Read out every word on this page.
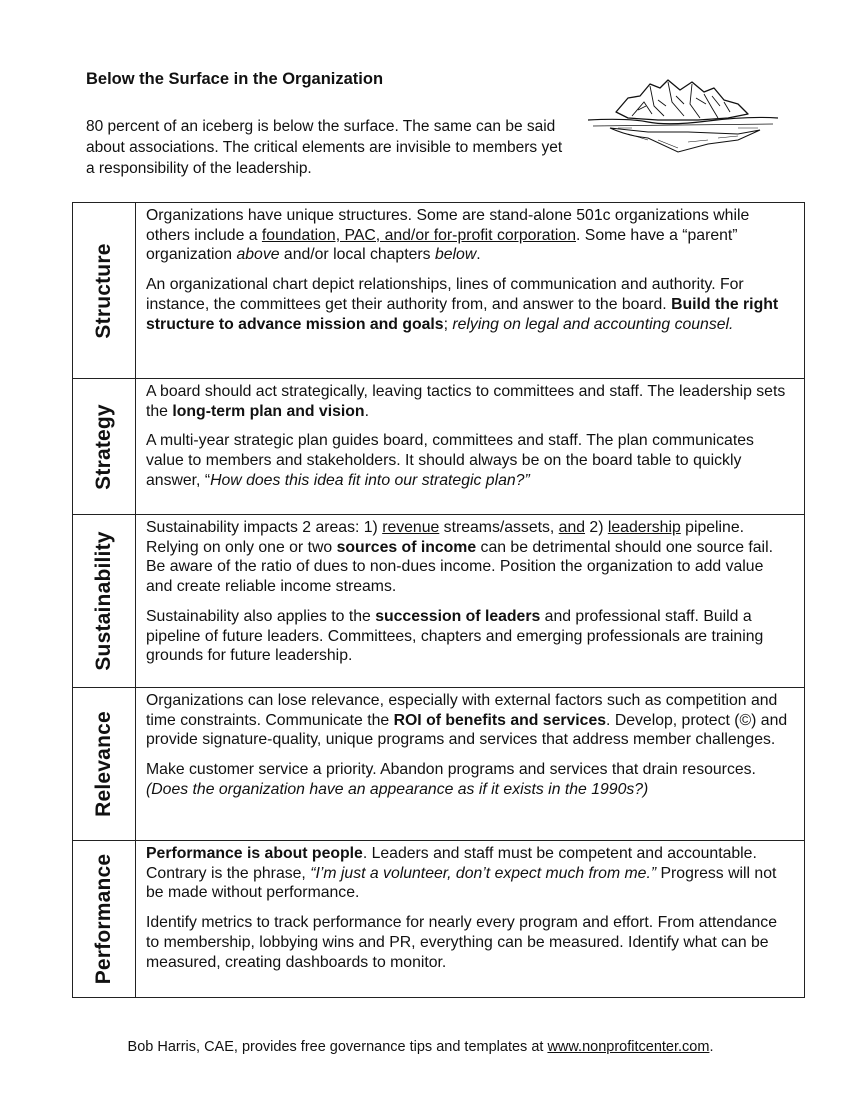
Below the Surface in the Organization
80 percent of an iceberg is below the surface. The same can be said about associations. The critical elements are invisible to members yet a responsibility of the leadership.
Structure	Organizations have unique structures. Some are stand-alone 501c organizations while others include a foundation, PAC, and/or for-profit corporation. Some have a “parent” organization above and/or local chapters below.

An organizational chart depict relationships, lines of communication and authority. For instance, the committees get their authority from, and answer to the board. Build the right structure to advance mission and goals; relying on legal and accounting counsel.

Strategy	A board should act strategically, leaving tactics to committees and staff. The leadership sets the long-term plan and vision.

A multi-year strategic plan guides board, committees and staff. The plan communicates value to members and stakeholders. It should always be on the board table to quickly answer, “How does this idea fit into our strategic plan?”

Sustainability	Sustainability impacts 2 areas: 1) revenue streams/assets, and 2) leadership pipeline. Relying on only one or two sources of income can be detrimental should one source fail. Be aware of the ratio of dues to non-dues income. Position the organization to add value and create reliable income streams.

Sustainability also applies to the succession of leaders and professional staff. Build a pipeline of future leaders. Committees, chapters and emerging professionals are training grounds for future leadership.

Relevance	Organizations can lose relevance, especially with external factors such as competition and time constraints. Communicate the ROI of benefits and services. Develop, protect (©) and provide signature-quality, unique programs and services that address member challenges.

Make customer service a priority. Abandon programs and services that drain resources. (Does the organization have an appearance as if it exists in the 1990s?)

Performance	Performance is about people. Leaders and staff must be competent and accountable. Contrary is the phrase, “I’m just a volunteer, don’t expect much from me.” Progress will not be made without performance.

Identify metrics to track performance for nearly every program and effort. From attendance to membership, lobbying wins and PR, everything can be measured. Identify what can be measured, creating dashboards to monitor.

Bob Harris, CAE, provides free governance tips and templates at www.nonprofitcenter.com.
